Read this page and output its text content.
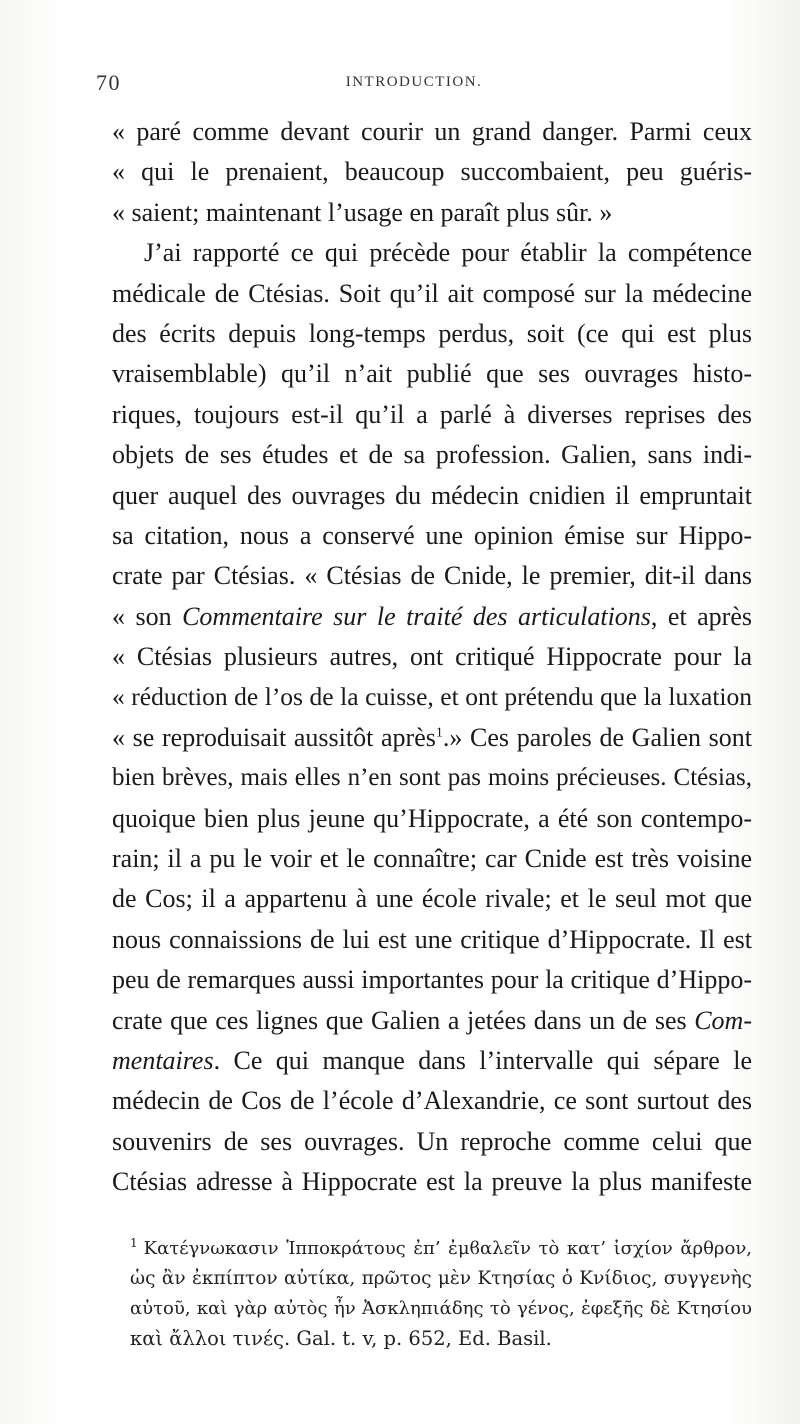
70	INTRODUCTION.
« paré comme devant courir un grand danger. Parmi ceux
« qui le prenaient, beaucoup succombaient, peu guéris-
« saient; maintenant l’usage en paraît plus sûr. »
J’ai rapporté ce qui précède pour établir la compétence
médicale de Ctésias. Soit qu’il ait composé sur la médecine
des écrits depuis long-temps perdus, soit (ce qui est plus
vraisemblable) qu’il n’ait publié que ses ouvrages histo-
riques, toujours est-il qu’il a parlé à diverses reprises des
objets de ses études et de sa profession. Galien, sans indi-
quer auquel des ouvrages du médecin cnidien il empruntait
sa citation, nous a conservé une opinion émise sur Hippo-
crate par Ctésias. « Ctésias de Cnide, le premier, dit-il dans
« son Commentaire sur le traité des articulations, et après
« Ctésias plusieurs autres, ont critiqué Hippocrate pour la
« réduction de l’os de la cuisse, et ont prétendu que la luxation
« se reproduisait aussitôt après$^1$.» Ces paroles de Galien sont
bien brèves, mais elles n’en sont pas moins précieuses. Ctésias,
quoique bien plus jeune qu’Hippocrate, a été son contempo-
rain; il a pu le voir et le connaître; car Cnide est très voisine
de Cos; il a appartenu à une école rivale; et le seul mot que
nous connaissions de lui est une critique d’Hippocrate. Il est
peu de remarques aussi importantes pour la critique d’Hippo-
crate que ces lignes que Galien a jetées dans un de ses Com-
mentaires. Ce qui manque dans l’intervalle qui sépare le
médecin de Cos de l’école d’Alexandrie, ce sont surtout des
souvenirs de ses ouvrages. Un reproche comme celui que
Ctésias adresse à Hippocrate est la preuve la plus manifeste
$^1$ Κατέγνωκασιν Ἱπποκράτους ἐπ’ ἐμϐαλεῖν τὸ κατ’ ἰσχίον ἄρθρον,
ὡς ἂν ἐκπίπτον αὐτίκα, πρῶτος μὲν Κτησίας ὁ Κνίδιος, συγγενὴς
αὐτοῦ, καὶ γὰρ αὐτὸς ἦν Ἀσκληπιάδης τὸ γένος, ἐφεξῆς δὲ Κτησίου
καὶ ἄλλοι τινές. Gal. t. v, p. 652, Ed. Basil.
